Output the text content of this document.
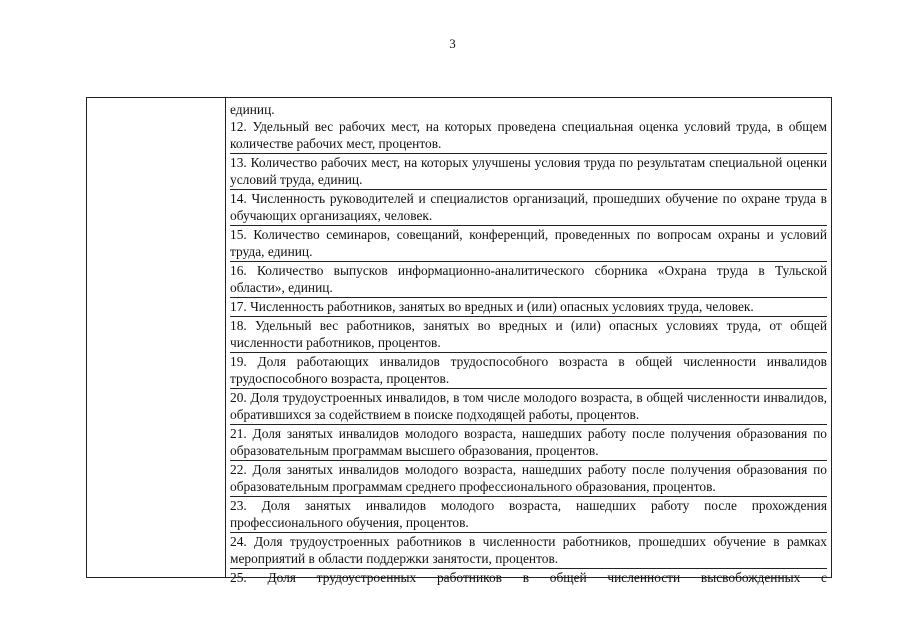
3

единиц.
12. Удельный вес рабочих мест, на которых проведена специальная оценка условий труда, в общем количестве рабочих мест, процентов.

13. Количество рабочих мест, на которых улучшены условия труда по результатам специальной оценки условий труда, единиц.

14. Численность руководителей и специалистов организаций, прошедших обучение по охране труда в обучающих организациях, человек.

15. Количество семинаров, совещаний, конференций, проведенных по вопросам охраны и условий труда, единиц.

16. Количество выпусков информационно-аналитического сборника «Охрана труда в Тульской области», единиц.

17. Численность работников, занятых во вредных и (или) опасных условиях труда, человек.

18. Удельный вес работников, занятых во вредных и (или) опасных условиях труда, от общей численности работников, процентов.

19. Доля работающих инвалидов трудоспособного возраста в общей численности инвалидов трудоспособного возраста, процентов.

20. Доля трудоустроенных инвалидов, в том числе молодого возраста, в общей численности инвалидов, обратившихся за содействием в поиске подходящей работы, процентов.

21. Доля занятых инвалидов молодого возраста, нашедших работу после получения образования по образовательным программам высшего образования, процентов.

22. Доля занятых инвалидов молодого возраста, нашедших работу после получения образования по образовательным программам среднего профессионального образования, процентов.

23. Доля занятых инвалидов молодого возраста, нашедших работу после прохождения профессионального обучения, процентов.

24. Доля трудоустроенных работников в численности работников, прошедших обучение в рамках мероприятий в области поддержки занятости, процентов.

25. Доля трудоустроенных работников в общей численности высвобожденных с
